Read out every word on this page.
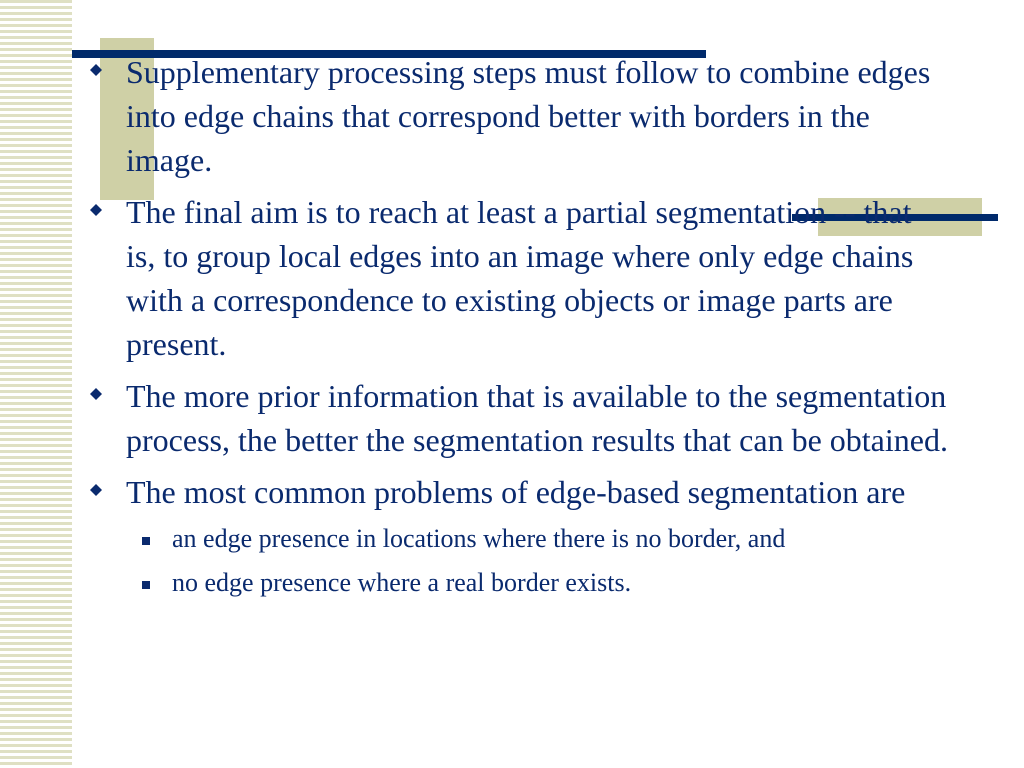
Supplementary processing steps must follow to combine edges into edge chains that correspond better with borders in the image.
The final aim is to reach at least a partial segmentation -- that is, to group local edges into an image where only edge chains with a correspondence to existing objects or image parts are present.
The more prior information that is available to the segmentation process, the better the segmentation results that can be obtained.
The most common problems of edge-based segmentation are
an edge presence in locations where there is no border, and
no edge presence where a real border exists.
